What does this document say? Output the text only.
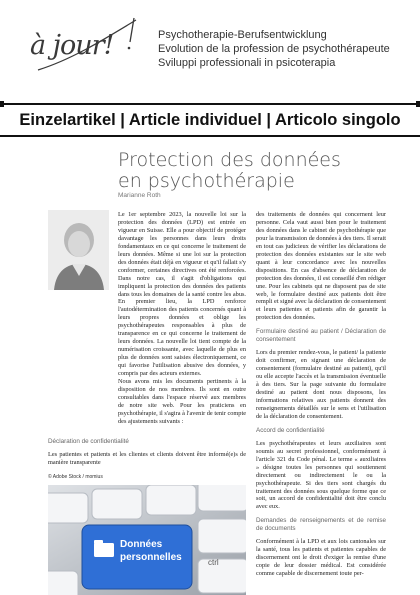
à jour!	Psychotherapie-Berufsentwicklung
Evolution de la profession de psychothérapeute
Sviluppi professionali in psicoterapia
Einzelartikel | Article individuel | Articolo singolo
Protection des données
en psychothérapie
Marianne Roth

Le 1er septembre 2023, la nouvelle loi sur la protection des données (LPD) est entrée en vigueur en Suisse. Elle a pour objectif de protéger davantage les personnes dans leurs droits fondamentaux en ce qui concerne le traitement de leurs données. Même si une loi sur la protection des données était déjà en vigueur et qu'il fallait s'y conformer, certaines directives ont été renforcées. Dans notre cas, il s'agit d'obligations qui impliquent la protection des données des patients dans tous les domaines de la santé contre les abus. En premier lieu, la LPD renforce l'autodétermination des patients concernés quant à leurs propres données et oblige les psychothérapeutes responsables à plus de transparence en ce qui concerne le traitement de leurs données. La nouvelle loi tient compte de la numérisation croissante, avec laquelle de plus en plus de données sont saisies électroniquement, ce qui favorise l'utilisation abusive des données, y compris par des acteurs externes.

Nous avons mis les documents pertinents à la disposition de nos membres. Ils sont en outre consultables dans l'espace réservé aux membres de notre site web. Pour les praticiens en psychothérapie, il s'agira à l'avenir de tenir compte des ajustements suivants :

Déclaration de confidentialité

Les patientes et patients et les clientes et clients doivent être informé(e)s de manière transparente

© Adobe Stock / momius
Données
personnelles	ctrl

des traitements de données qui concernent leur personne. Cela vaut aussi bien pour le traitement des données dans le cabinet de psychothérapie que pour la transmission de données à des tiers. Il serait en tout cas judicieux de vérifier les déclarations de protection des données existantes sur le site web quant à leur concordance avec les nouvelles dispositions. En cas d'absence de déclaration de protection des données, il est conseillé d'en rédiger une. Pour les cabinets qui ne disposent pas de site web, le formulaire destiné aux patients doit être rempli et signé avec la déclaration de consentement et leurs patientes et patients afin de garantir la protection des données.

Formulaire destiné au patient / Déclaration de consentement

Lors du premier rendez-vous, le patient/ la patiente doit confirmer, en signant une déclaration de consentement (formulaire destiné au patient), qu'il ou elle accepte l'accès et la transmission éventuelle à des tiers. Sur la page suivante du formulaire destiné au patient dont nous disposons, les informations relatives aux patients donnent des renseignements détaillés sur le sens et l'utilisation de la déclaration de consentement.

Accord de confidentialité

Les psychothérapeutes et leurs auxiliaires sont soumis au secret professionnel, conformément à l'article 321 du Code pénal. Le terme « auxiliaires » désigne toutes les personnes qui soutiennent directement ou indirectement le ou la psychothérapeute. Si des tiers sont chargés du traitement des données sous quelque forme que ce soit, un accord de confidentialité doit être conclu avec eux.

Demandes de renseignements et de remise de documents

Conformément à la LPD et aux lois cantonales sur la santé, tous les patients et patientes capables de discernement ont le droit d'exiger la remise d'une copie de leur dossier médical. Est considérée comme capable de discernement toute per-
